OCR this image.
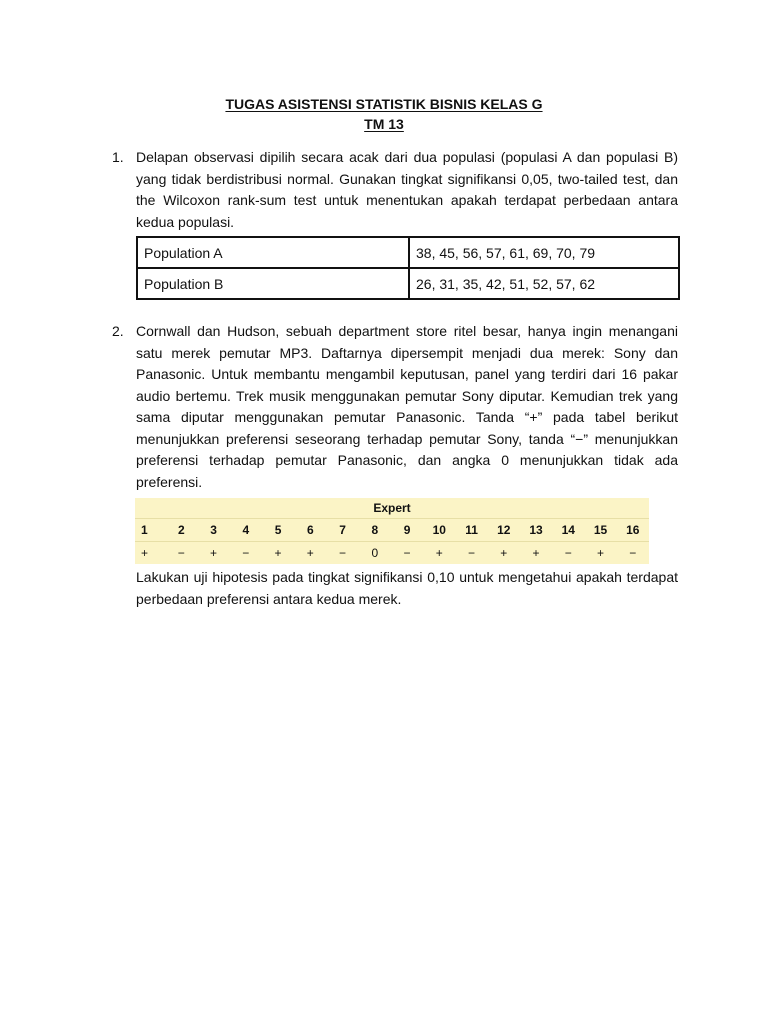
TUGAS ASISTENSI STATISTIK BISNIS KELAS G
TM 13
1. Delapan observasi dipilih secara acak dari dua populasi (populasi A dan populasi B) yang tidak berdistribusi normal. Gunakan tingkat signifikansi 0,05, two-tailed test, dan the Wilcoxon rank-sum test untuk menentukan apakah terdapat perbedaan antara kedua populasi.

Population A	38, 45, 56, 57, 61, 69, 70, 79
Population B	26, 31, 35, 42, 51, 52, 57, 62
2. Cornwall dan Hudson, sebuah department store ritel besar, hanya ingin menangani satu merek pemutar MP3. Daftarnya dipersempit menjadi dua merek: Sony dan Panasonic. Untuk membantu mengambil keputusan, panel yang terdiri dari 16 pakar audio bertemu. Trek musik menggunakan pemutar Sony diputar. Kemudian trek yang sama diputar menggunakan pemutar Panasonic. Tanda “+” pada tabel berikut menunjukkan preferensi seseorang terhadap pemutar Sony, tanda “−” menunjukkan preferensi terhadap pemutar Panasonic, dan angka 0 menunjukkan tidak ada preferensi.

Expert
1	2	3	4	5	6	7	8	9	10	11	12	13	14	15	16
+	−	+	−	+	+	−	0	−	+	−	+	+	−	+	−

Lakukan uji hipotesis pada tingkat signifikansi 0,10 untuk mengetahui apakah terdapat perbedaan preferensi antara kedua merek.
